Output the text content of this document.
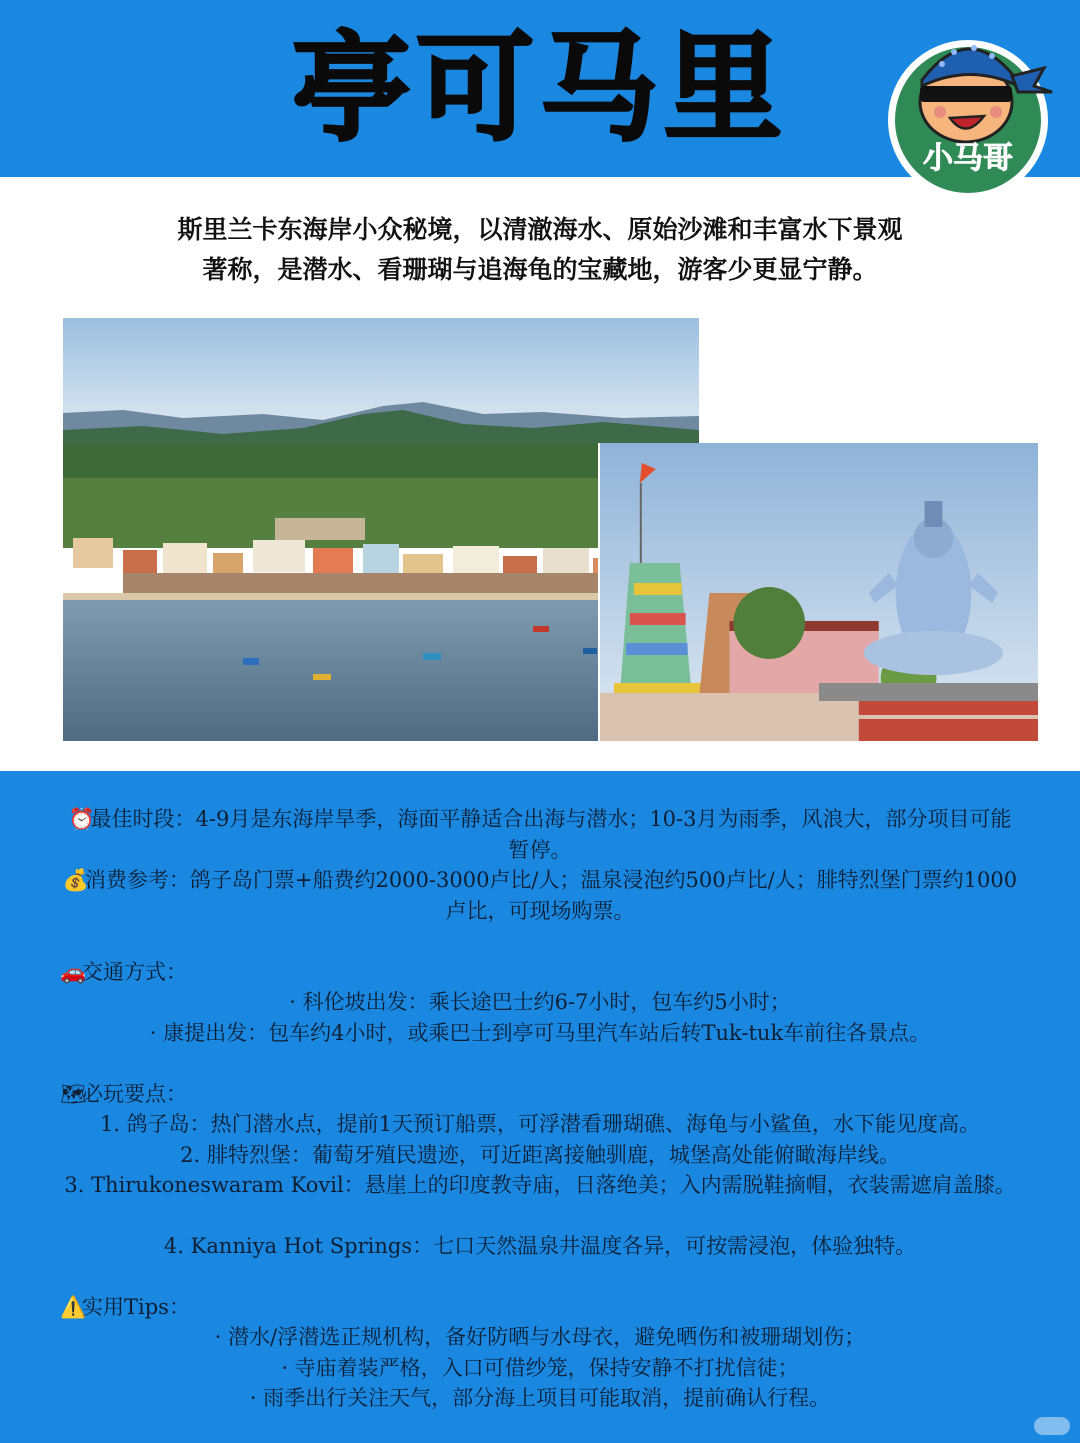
亭可马里
小马哥
斯里兰卡东海岸小众秘境，以清澈海水、原始沙滩和丰富水下景观
著称，是潜水、看珊瑚与追海龟的宝藏地，游客少更显宁静。
⏰最佳时段：4-9月是东海岸旱季，海面平静适合出海与潜水；10-3月为雨季，风浪大，部分项目可能暂停。
💰消费参考：鸽子岛门票+船费约2000-3000卢比/人；温泉浸泡约500卢比/人；腓特烈堡门票约1000卢比，可现场购票。
🚗交通方式：
· 科伦坡出发：乘长途巴士约6-7小时，包车约5小时；
· 康提出发：包车约4小时，或乘巴士到亭可马里汽车站后转Tuk-tuk车前往各景点。
🗺必玩要点：
1. 鸽子岛：热门潜水点，提前1天预订船票，可浮潜看珊瑚礁、海龟与小鲨鱼，水下能见度高。
2. 腓特烈堡：葡萄牙殖民遗迹，可近距离接触驯鹿，城堡高处能俯瞰海岸线。
3. Thirukoneswaram Kovil：悬崖上的印度教寺庙，日落绝美；入内需脱鞋摘帽，衣装需遮肩盖膝。
4. Kanniya Hot Springs：七口天然温泉井温度各异，可按需浸泡，体验独特。
⚠️实用Tips：
· 潜水/浮潜选正规机构，备好防晒与水母衣，避免晒伤和被珊瑚划伤；
· 寺庙着装严格，入口可借纱笼，保持安静不打扰信徒；
· 雨季出行关注天气，部分海上项目可能取消，提前确认行程。
